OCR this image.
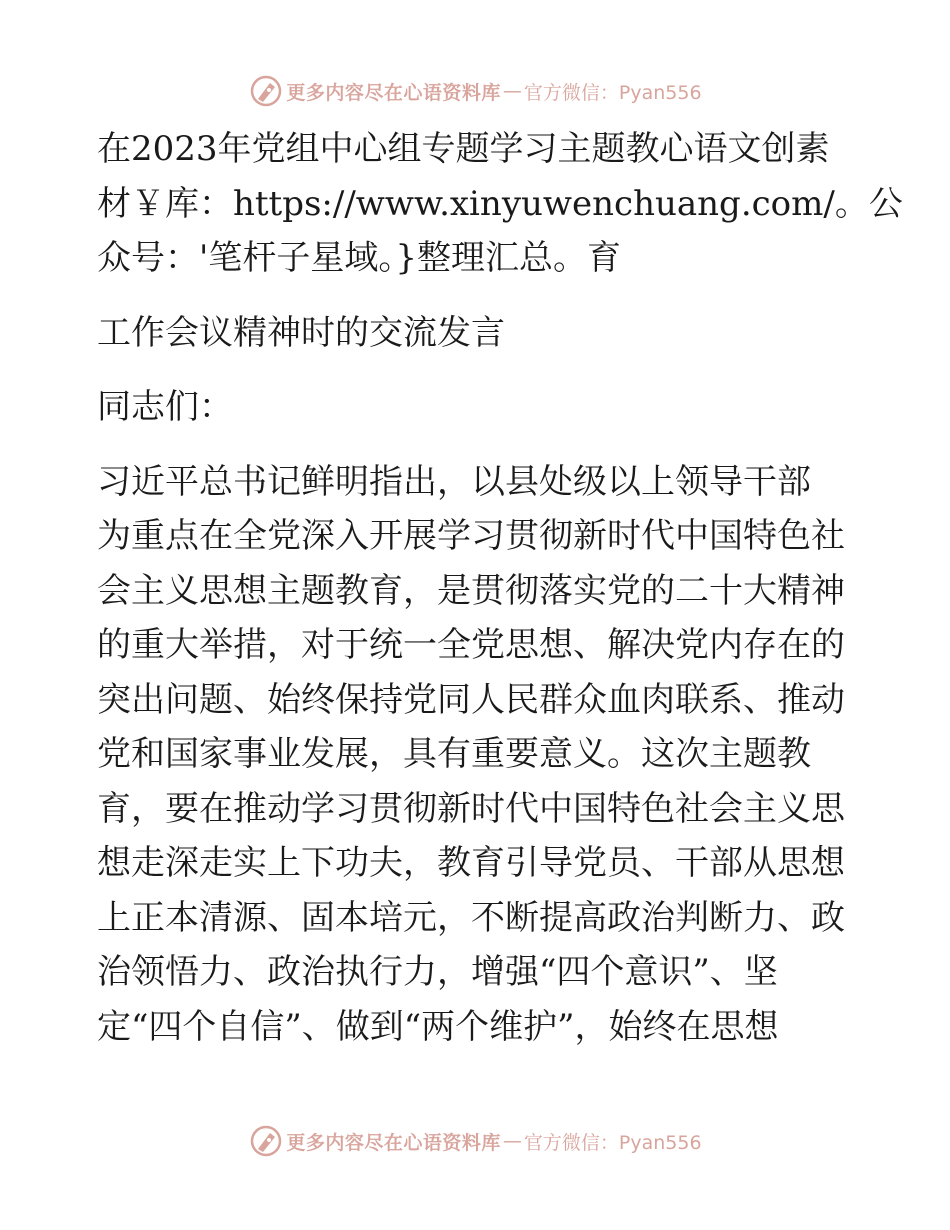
更多内容尽在心语资料库 — 官方微信：Pyan556
在2023年党组中心组专题学习主题教心语文创素
材￥库：https://www.xinyuwenchuang.com/。公
众号：'笔杆子星域。}整理汇总。育
工作会议精神时的交流发言
同志们：
习近平总书记鲜明指出，以县处级以上领导干部
为重点在全党深入开展学习贯彻新时代中国特色社
会主义思想主题教育，是贯彻落实党的二十大精神
的重大举措，对于统一全党思想、解决党内存在的
突出问题、始终保持党同人民群众血肉联系、推动
党和国家事业发展，具有重要意义。这次主题教
育，要在推动学习贯彻新时代中国特色社会主义思
想走深走实上下功夫，教育引导党员、干部从思想
上正本清源、固本培元，不断提高政治判断力、政
治领悟力、政治执行力，增强“四个意识”、坚
定“四个自信”、做到“两个维护”，始终在思想
更多内容尽在心语资料库 — 官方微信：Pyan556
